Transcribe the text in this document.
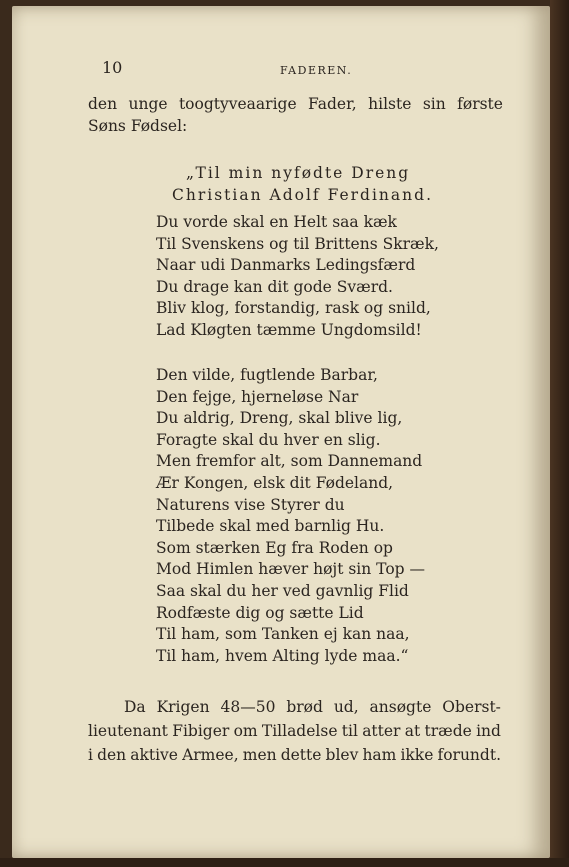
10	FADEREN.
den unge toogtyveaarige Fader, hilste sin første
Søns Fødsel:
„Til min nyfødte Dreng
Christian Adolf Ferdinand.
Du vorde skal en Helt saa kæk
Til Svenskens og til Brittens Skræk,
Naar udi Danmarks Ledingsfærd
Du drage kan dit gode Sværd.
Bliv klog, forstandig, rask og snild,
Lad Kløgten tæmme Ungdomsild!
Den vilde, fugtlende Barbar,
Den fejge, hjerneløse Nar
Du aldrig, Dreng, skal blive lig,
Foragte skal du hver en slig.
Men fremfor alt, som Dannemand
Ær Kongen, elsk dit Fødeland,
Naturens vise Styrer du
Tilbede skal med barnlig Hu.
Som stærken Eg fra Roden op
Mod Himlen hæver højt sin Top —
Saa skal du her ved gavnlig Flid
Rodfæste dig og sætte Lid
Til ham, som Tanken ej kan naa,
Til ham, hvem Alting lyde maa.“
Da Krigen 48—50 brød ud, ansøgte Oberst-
lieutenant Fibiger om Tilladelse til atter at træde ind
i den aktive Armee, men dette blev ham ikke forundt.
